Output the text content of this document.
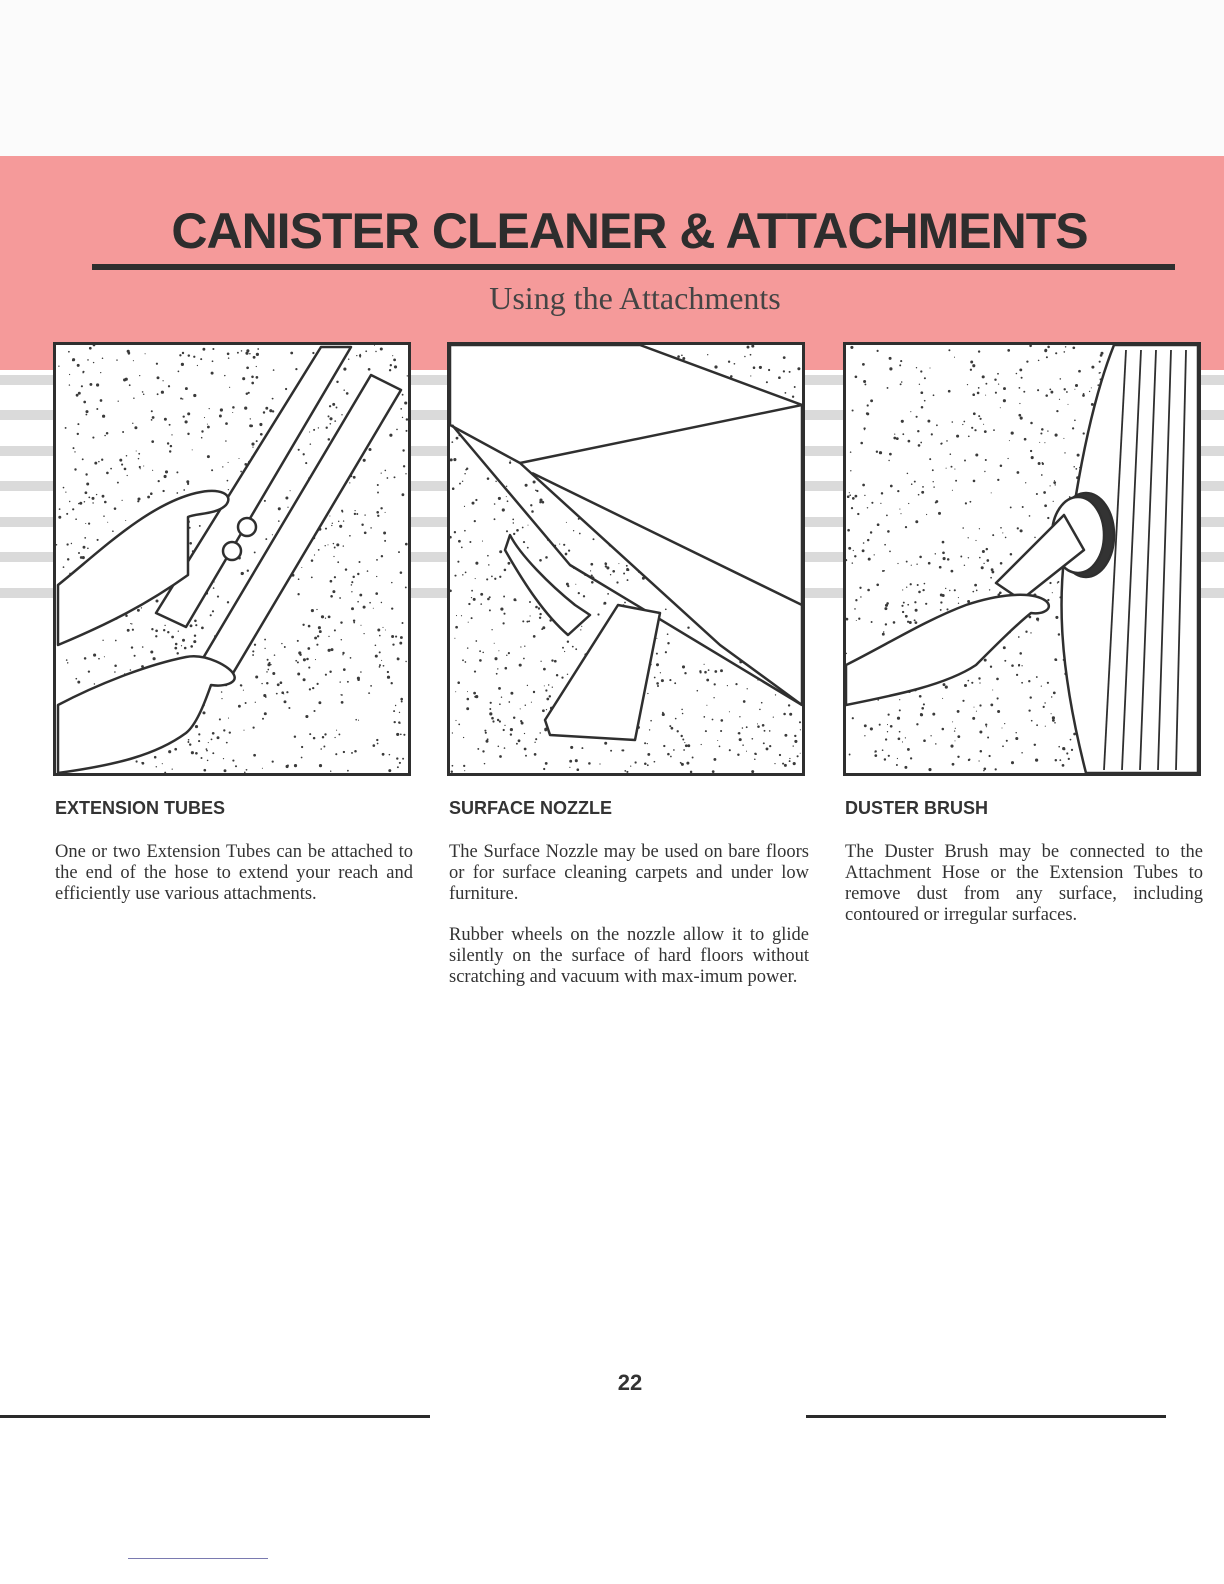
CANISTER CLEANER & ATTACHMENTS
Using the Attachments
EXTENSION TUBES	SURFACE NOZZLE	DUSTER BRUSH

One or two Extension Tubes can be attached to the end of the hose to extend your reach and efficiently use various attachments.

The Surface Nozzle may be used on bare floors or for surface cleaning carpets and under low furniture.

Rubber wheels on the nozzle allow it to glide silently on the surface of hard floors without scratching and vacuum with max-imum power.

The Duster Brush may be connected to the Attachment Hose or the Extension Tubes to remove dust from any surface, including contoured or irregular surfaces.

22
